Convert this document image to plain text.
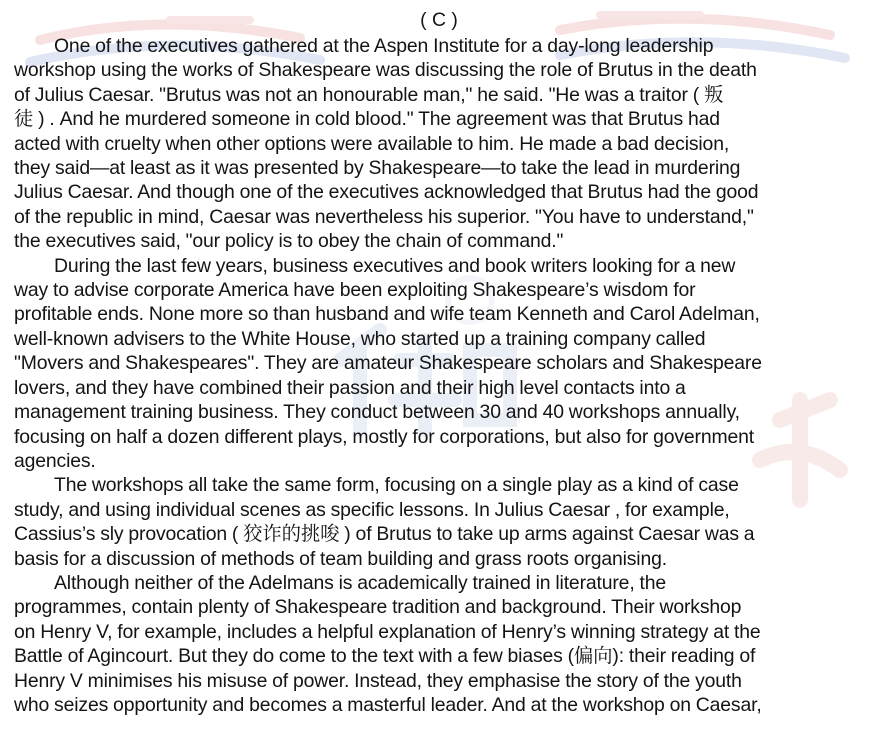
( C )

One of the executives gathered at the Aspen Institute for a day-long leadership
workshop using the works of Shakespeare was discussing the role of Brutus in the death
of Julius Caesar. "Brutus was not an honourable man," he said. "He was a traitor ( 叛
徒 ) . And he murdered someone in cold blood." The agreement was that Brutus had
acted with cruelty when other options were available to him. He made a bad decision,
they said—at least as it was presented by Shakespeare—to take the lead in murdering
Julius Caesar. And though one of the executives acknowledged that Brutus had the good
of the republic in mind, Caesar was nevertheless his superior. "You have to understand,"
the executives said, "our policy is to obey the chain of command."

During the last few years, business executives and book writers looking for a new
way to advise corporate America have been exploiting Shakespeare’s wisdom for
profitable ends. None more so than husband and wife team Kenneth and Carol Adelman,
well-known advisers to the White House, who started up a training company called
"Movers and Shakespeares". They are amateur Shakespeare scholars and Shakespeare
lovers, and they have combined their passion and their high level contacts into a
management training business. They conduct between 30 and 40 workshops annually,
focusing on half a dozen different plays, mostly for corporations, but also for government
agencies.

The workshops all take the same form, focusing on a single play as a kind of case
study, and using individual scenes as specific lessons. In Julius Caesar , for example,
Cassius’s sly provocation ( 狡诈的挑唆 ) of Brutus to take up arms against Caesar was a
basis for a discussion of methods of team building and grass roots organising.

Although neither of the Adelmans is academically trained in literature, the
programmes, contain plenty of Shakespeare tradition and background. Their workshop
on Henry V, for example, includes a helpful explanation of Henry’s winning strategy at the
Battle of Agincourt. But they do come to the text with a few biases (偏向): their reading of
Henry V minimises his misuse of power. Instead, they emphasise the story of the youth
who seizes opportunity and becomes a masterful leader. And at the workshop on Caesar,
